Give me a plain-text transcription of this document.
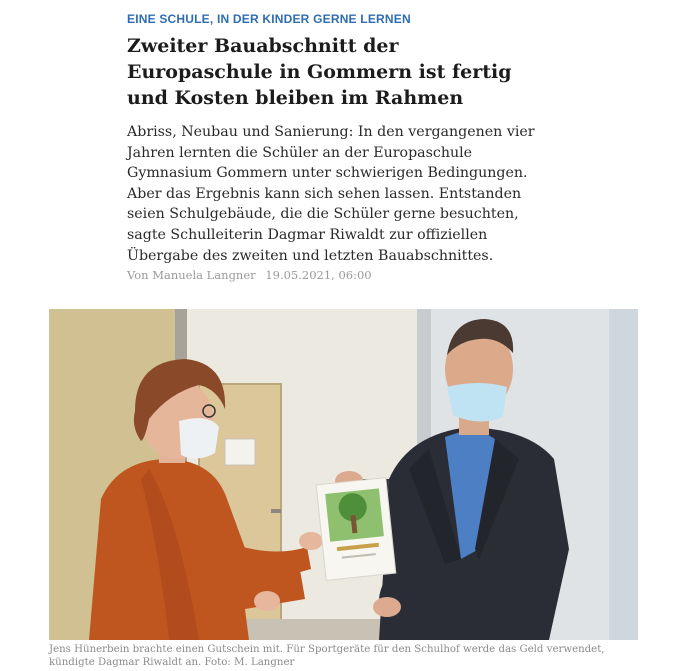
EINE SCHULE, IN DER KINDER GERNE LERNEN
Zweiter Bauabschnitt der Europaschule in Gommern ist fertig und Kosten bleiben im Rahmen

Abriss, Neubau und Sanierung: In den vergangenen vier Jahren lernten die Schüler an der Europaschule Gymnasium Gommern unter schwierigen Bedingungen. Aber das Ergebnis kann sich sehen lassen. Entstanden seien Schulgebäude, die die Schüler gerne besuchten, sagte Schulleiterin Dagmar Riwaldt zur offiziellen Übergabe des zweiten und letzten Bauabschnittes.

Von Manuela Langner 19.05.2021, 06:00

Jens Hünerbein brachte einen Gutschein mit. Für Sportgeräte für den Schulhof werde das Geld verwendet, kündigte Dagmar Riwaldt an. Foto: M. Langner
